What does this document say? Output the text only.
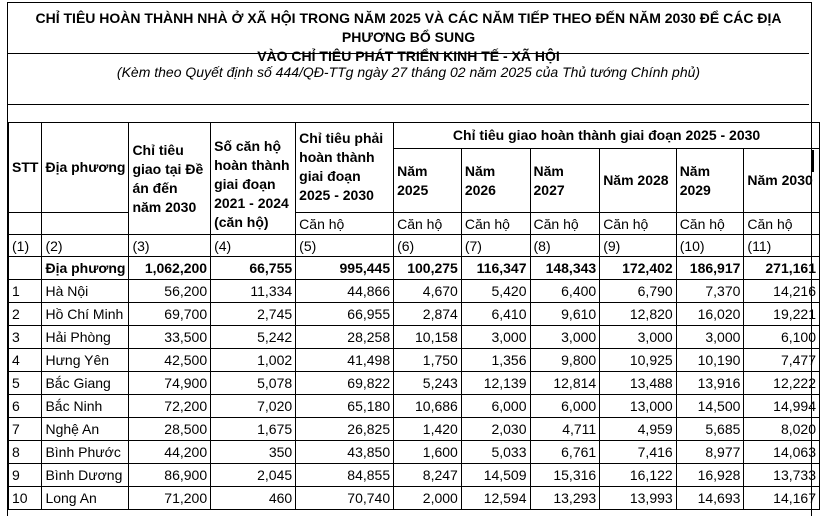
CHỈ TIÊU HOÀN THÀNH NHÀ Ở XÃ HỘI TRONG NĂM 2025 VÀ CÁC NĂM TIẾP THEO ĐẾN NĂM 2030 ĐỂ CÁC ĐỊA PHƯƠNG BỔ SUNG
VÀO CHỈ TIÊU PHÁT TRIỂN KINH TẾ - XÃ HỘI
(Kèm theo Quyết định số 444/QĐ-TTg ngày 27 tháng 02 năm 2025 của Thủ tướng Chính phủ)
STT	Địa phương	Chỉ tiêu giao tại Đề án đến năm 2030	Số căn hộ hoàn thành giai đoạn 2021 - 2024 (căn hộ)	Chỉ tiêu phải hoàn thành giai đoạn 2025 - 2030	Chỉ tiêu giao hoàn thành giai đoạn 2025 - 2030					
					Năm 2025	Năm 2026	Năm 2027	Năm 2028	Năm 2029	Năm 2030
				Căn hộ	Căn hộ	Căn hộ	Căn hộ	Căn hộ	Căn hộ	Căn hộ
(1)	(2)	(3)	(4)	(5)	(6)	(7)	(8)	(9)	(10)	(11)
	Địa phương	1,062,200	66,755	995,445	100,275	116,347	148,343	172,402	186,917	271,161
1	Hà Nội	56,200	11,334	44,866	4,670	5,420	6,400	6,790	7,370	14,216
2	Hồ Chí Minh	69,700	2,745	66,955	2,874	6,410	9,610	12,820	16,020	19,221
3	Hải Phòng	33,500	5,242	28,258	10,158	3,000	3,000	3,000	3,000	6,100
4	Hưng Yên	42,500	1,002	41,498	1,750	1,356	9,800	10,925	10,190	7,477
5	Bắc Giang	74,900	5,078	69,822	5,243	12,139	12,814	13,488	13,916	12,222
6	Bắc Ninh	72,200	7,020	65,180	10,686	6,000	6,000	13,000	14,500	14,994
7	Nghệ An	28,500	1,675	26,825	1,420	2,030	4,711	4,959	5,685	8,020
8	Bình Phước	44,200	350	43,850	1,600	5,033	6,761	7,416	8,977	14,063
9	Bình Dương	86,900	2,045	84,855	8,247	14,509	15,316	16,122	16,928	13,733
10	Long An	71,200	460	70,740	2,000	12,594	13,293	13,993	14,693	14,167
